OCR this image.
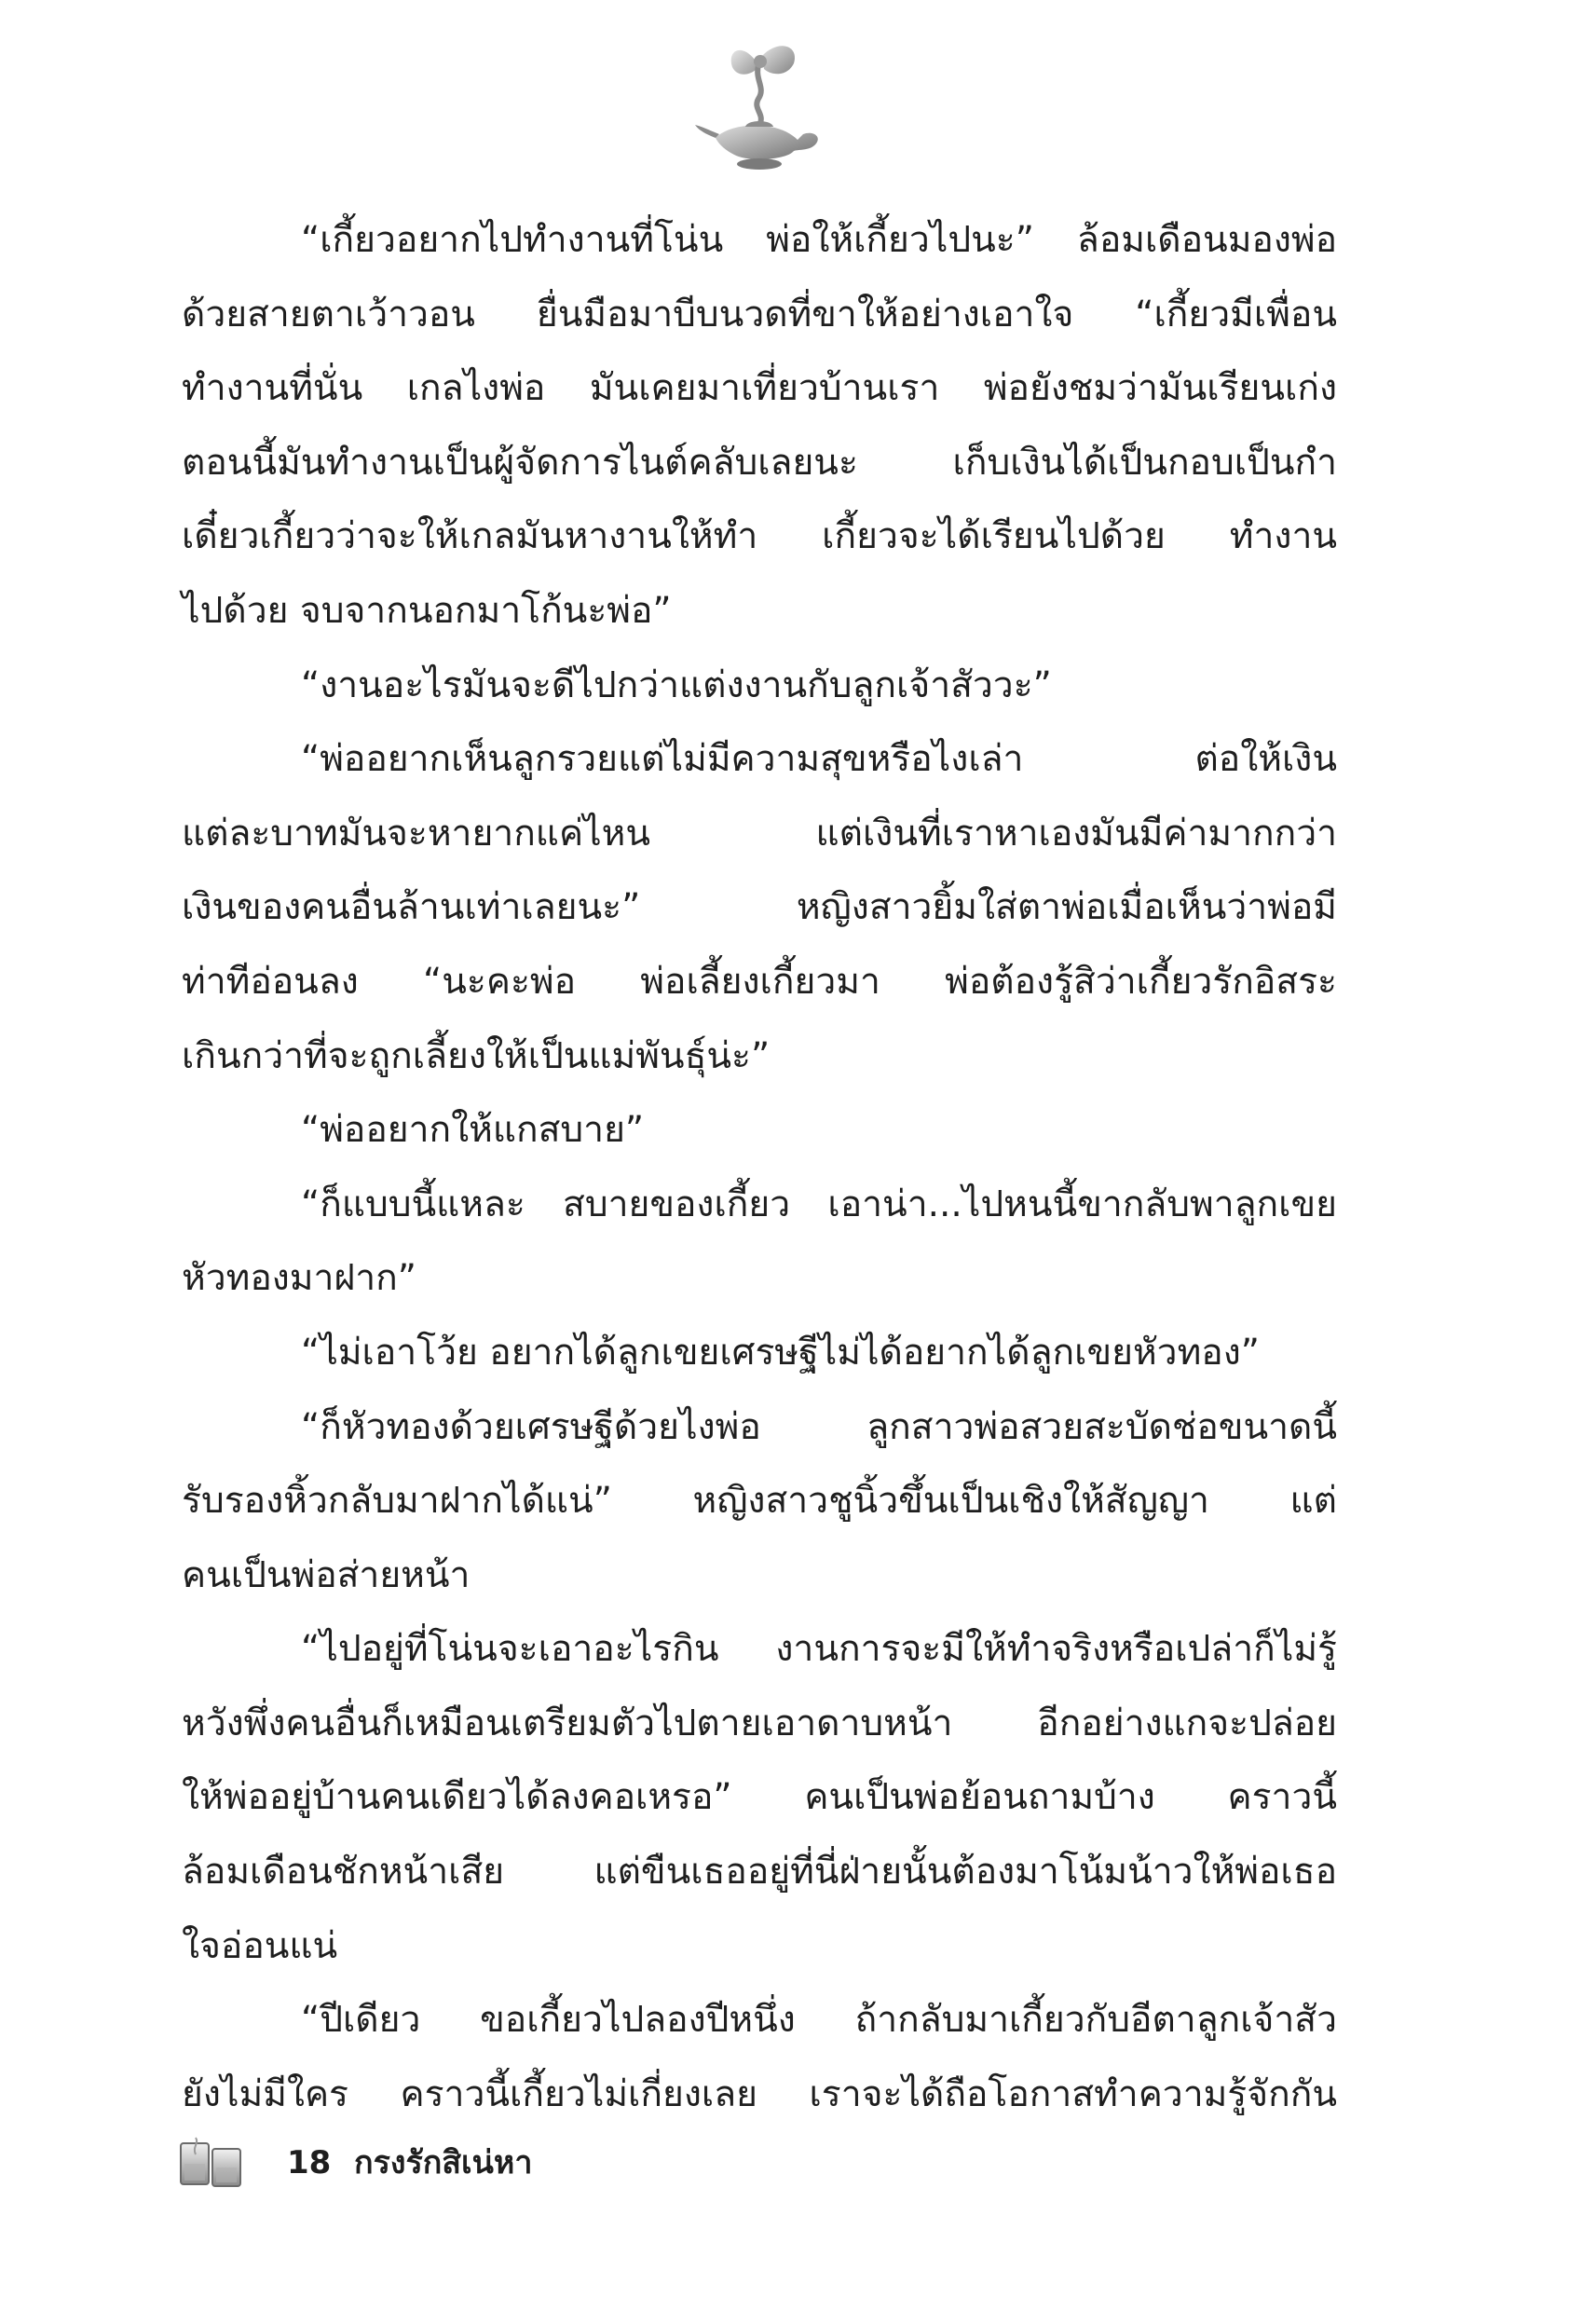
“เกี้ยวอยากไปทำงานที่โน่น พ่อให้เกี้ยวไปนะ” ล้อมเดือนมองพ่อ
ด้วยสายตาเว้าวอน ยื่นมือมาบีบนวดที่ขาให้อย่างเอาใจ “เกี้ยวมีเพื่อน
ทำงานที่นั่น เกลไงพ่อ มันเคยมาเที่ยวบ้านเรา พ่อยังชมว่ามันเรียนเก่ง
ตอนนี้มันทำงานเป็นผู้จัดการไนต์คลับเลยนะ เก็บเงินได้เป็นกอบเป็นกำ
เดี๋ยวเกี้ยวว่าจะให้เกลมันหางานให้ทำ เกี้ยวจะได้เรียนไปด้วย ทำงาน
ไปด้วย จบจากนอกมาโก้นะพ่อ”
“งานอะไรมันจะดีไปกว่าแต่งงานกับลูกเจ้าสัววะ”
“พ่ออยากเห็นลูกรวยแต่ไม่มีความสุขหรือไงเล่า ต่อให้เงิน
แต่ละบาทมันจะหายากแค่ไหน แต่เงินที่เราหาเองมันมีค่ามากกว่า
เงินของคนอื่นล้านเท่าเลยนะ” หญิงสาวยิ้มใส่ตาพ่อเมื่อเห็นว่าพ่อมี
ท่าทีอ่อนลง “นะคะพ่อ พ่อเลี้ยงเกี้ยวมา พ่อต้องรู้สิว่าเกี้ยวรักอิสระ
เกินกว่าที่จะถูกเลี้ยงให้เป็นแม่พันธุ์น่ะ”
“พ่ออยากให้แกสบาย”
“ก็แบบนี้แหละ สบายของเกี้ยว เอาน่า...ไปหนนี้ขากลับพาลูกเขย
หัวทองมาฝาก”
“ไม่เอาโว้ย อยากได้ลูกเขยเศรษฐีไม่ได้อยากได้ลูกเขยหัวทอง”
“ก็หัวทองด้วยเศรษฐีด้วยไงพ่อ ลูกสาวพ่อสวยสะบัดช่อขนาดนี้
รับรองหิ้วกลับมาฝากได้แน่” หญิงสาวชูนิ้วขึ้นเป็นเชิงให้สัญญา แต่
คนเป็นพ่อส่ายหน้า
“ไปอยู่ที่โน่นจะเอาอะไรกิน งานการจะมีให้ทำจริงหรือเปล่าก็ไม่รู้
หวังพึ่งคนอื่นก็เหมือนเตรียมตัวไปตายเอาดาบหน้า อีกอย่างแกจะปล่อย
ให้พ่ออยู่บ้านคนเดียวได้ลงคอเหรอ” คนเป็นพ่อย้อนถามบ้าง คราวนี้
ล้อมเดือนชักหน้าเสีย แต่ขืนเธออยู่ที่นี่ฝ่ายนั้นต้องมาโน้มน้าวให้พ่อเธอ
ใจอ่อนแน่
“ปีเดียว ขอเกี้ยวไปลองปีหนึ่ง ถ้ากลับมาเกี้ยวกับอีตาลูกเจ้าสัว
ยังไม่มีใคร คราวนี้เกี้ยวไม่เกี่ยงเลย เราจะได้ถือโอกาสทำความรู้จักกัน
18 กรงรักสิเน่หา
